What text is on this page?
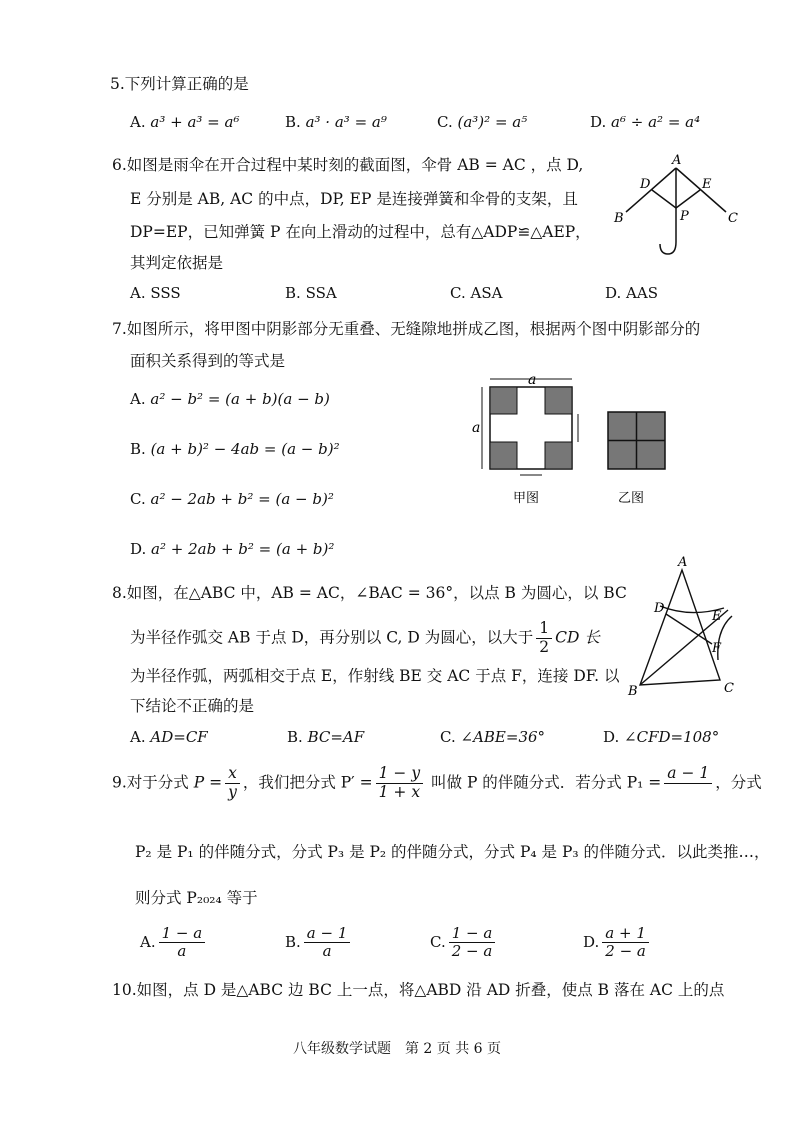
5.下列计算正确的是
A. a³ + a³ = a⁶	B. a³ · a³ = a⁹	C. (a³)² = a⁵	D. a⁶ ÷ a² = a⁴
6.如图是雨伞在开合过程中某时刻的截面图，伞骨 AB = AC ，点 D,
E 分别是 AB, AC 的中点，DP, EP 是连接弹簧和伞骨的支架，且
DP=EP，已知弹簧 P 在向上滑动的过程中，总有△ADP≌△AEP，
其判定依据是
A. SSS	B. SSA	C. ASA	D. AAS
A
D	E
B	C
P
7.如图所示，将甲图中阴影部分无重叠、无缝隙地拼成乙图，根据两个图中阴影部分的
面积关系得到的等式是
A. a² − b² = (a + b)(a − b)
B. (a + b)² − 4ab = (a − b)²
C. a² − 2ab + b² = (a − b)²
D. a² + 2ab + b² = (a + b)²
a
a
甲图	乙图
8.如图，在△ABC 中，AB = AC，∠BAC = 36°，以点 B 为圆心，以 BC
为半径作弧交 AB 于点 D，再分别以 C, D 为圆心，以大于 $\frac{1}{2}$ CD 长
为半径作弧，两弧相交于点 E，作射线 BE 交 AC 于点 F，连接 DF. 以
下结论不正确的是
A. AD=CF	B. BC=AF	C. ∠ABE=36°	D. ∠CFD=108°
A
D
E
F
B	C
9.对于分式 $P = \frac{x}{y}$ ，我们把分式 $P' = \frac{1 - y}{1 + x}$ 叫做 P 的伴随分式．若分式 P₁ =
a − 1

，分式
P₂ 是 P₁ 的伴随分式，分式 P₃ 是 P₂ 的伴随分式，分式 P₄ 是 P₃ 的伴随分式．以此类推…，
则分式 P₂₀₂₄ 等于
A. $\frac{1 - a}{a}$	B. $\frac{a - 1}{a}$	C. $\frac{1 - a}{2 - a}$	D. $\frac{a + 1}{2 - a}$
10.如图，点 D 是△ABC 边 BC 上一点，将△ABD 沿 AD 折叠，使点 B 落在 AC 上的点
八年级数学试题　第 2 页 共 6 页
